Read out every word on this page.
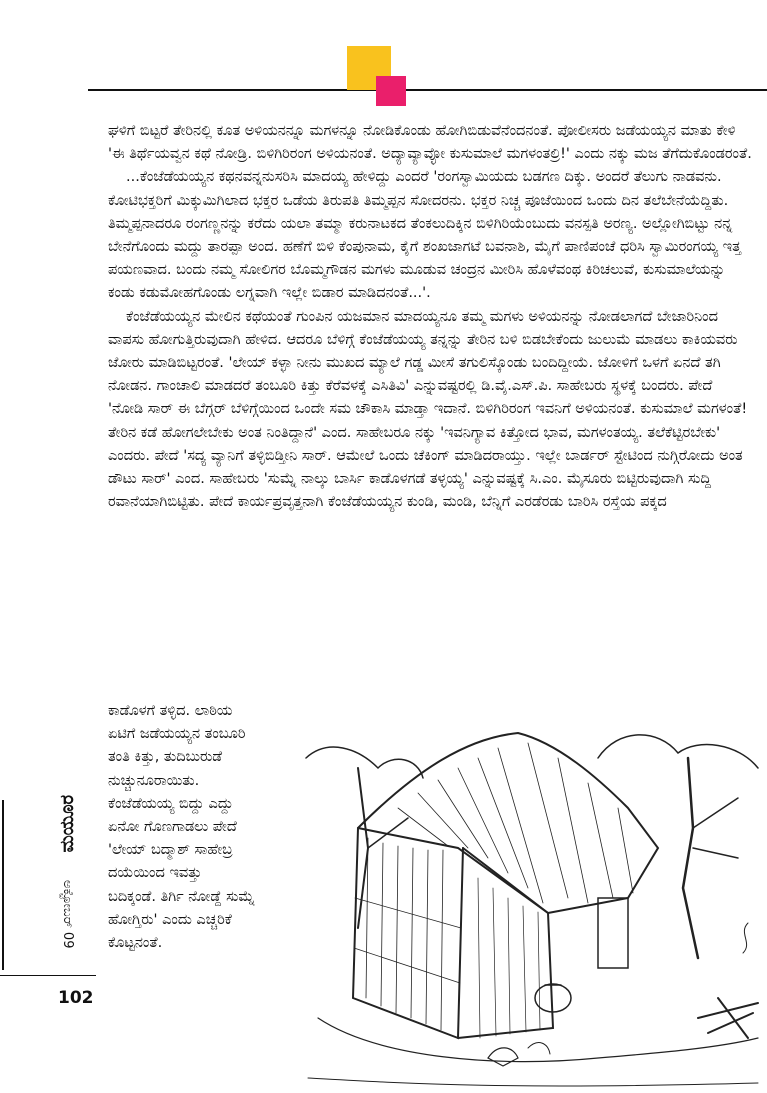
ಘಳಿಗೆ ಬಿಟ್ಟರೆ ತೇರಿನಲ್ಲಿ ಕೂತ ಅಳಿಯನನ್ನೂ ಮಗಳನ್ನೂ ನೋಡಿಕೊಂಡು ಹೋಗಿಬಿಡುವೆನೆಂದನಂತೆ. ಪೋಲೀಸರು ಜಡೆಯಯ್ಯನ ಮಾತು ಕೇಳಿ 'ಈ ತಿರ್ಥೆಯವ್ವನ ಕಥೆ ನೋಡ್ರಿ. ಬಿಳಿಗಿರಿರಂಗ ಅಳಿಯನಂತೆ. ಅದ್ಯಾವ್ಯಾವ್ಳೋ ಕುಸುಮಾಲೆ ಮಗಳಂತಲ್ರಿ!' ಎಂದು ನಕ್ಕು ಮಜ ತೆಗೆದುಕೊಂಡರಂತೆ.

...ಕೆಂಜೆಡೆಯಯ್ಯನ ಕಥನವನ್ನನುಸರಿಸಿ ಮಾದಯ್ಯ ಹೇಳಿದ್ದು ಎಂದರೆ 'ರಂಗಸ್ವಾಮಿಯದು ಬಡಗಣ ದಿಕ್ಕು. ಅಂದರೆ ತೆಲುಗು ನಾಡವನು. ಕೋಟಿಭಕ್ತರಿಗೆ ಮಿಕ್ಕುಮಿಗಿಲಾದ ಭಕ್ತರ ಒಡೆಯ ತಿರುಪತಿ ತಿಮ್ಮಪ್ಪನ ಸೋದರನು. ಭಕ್ತರ ನಿಚ್ಚ ಪೂಜೆಯಿಂದ ಒಂದು ದಿನ ತಲೆಬೇನೆಯೆದ್ದಿತು. ತಿಮ್ಮಪ್ಪನಾದರೂ ರಂಗಣ್ಣನನ್ನು ಕರೆದು ಯಲಾ ತಮ್ಮಾ ಕರುನಾಟಕದ ತೆಂಕಲುದಿಕ್ಕಿನ ಬಿಳಿಗಿರಿಯೆಂಬುದು ವನಸ್ಪತಿ ಅರಣ್ಯ. ಅಲ್ಲೋಗಿಬಿಟ್ಟು ನನ್ನ ಬೇನೆಗೊಂದು ಮದ್ದು ತಾರಪ್ಪಾ ಅಂದ. ಹಣೆಗೆ ಬಿಳಿ ಕೆಂಪುನಾಮ, ಕೈಗೆ ಶಂಖಜಾಗಟೆ ಬವನಾಶಿ, ಮೈಗೆ ಪಾಣಿಪಂಚೆ ಧರಿಸಿ ಸ್ವಾಮಿರಂಗಯ್ಯ ಇತ್ತ ಪಯಣವಾದ. ಬಂದು ನಮ್ಮ ಸೋಲಿಗರ ಬೊಮ್ಮಗೌಡನ ಮಗಳು ಮೂಡುವ ಚಂದ್ರನ ಮೀರಿಸಿ ಹೊಳೆವಂಥ ಕಿರಿಚಲುವೆ, ಕುಸುಮಾಲೆಯನ್ನು ಕಂಡು ಕಡುಮೋಹಗೊಂಡು ಲಗ್ನವಾಗಿ ಇಲ್ಲೇ ಬಿಡಾರ ಮಾಡಿದನಂತೆ...'.

ಕೆಂಜೆಡೆಯಯ್ಯನ ಮೇಲಿನ ಕಥೆಯಂತೆ ಗುಂಪಿನ ಯಜಮಾನ ಮಾದಯ್ಯನೂ ತಮ್ಮ ಮಗಳು ಅಳಿಯನನ್ನು ನೋಡಲಾಗದೆ ಬೇಜಾರಿನಿಂದ ವಾಪಸು ಹೋಗುತ್ತಿರುವುದಾಗಿ ಹೇಳಿದ. ಆದರೂ ಬೆಳಿಗ್ಗೆ ಕೆಂಜೆಡೆಯಯ್ಯ ತನ್ನನ್ನು ತೇರಿನ ಬಳಿ ಬಿಡಬೇಕೆಂದು ಜುಲುಮೆ ಮಾಡಲು ಕಾಕಿಯವರು ಜೋರು ಮಾಡಿಬಿಟ್ಟರಂತೆ. 'ಲೇಯ್ ಕಳ್ಳಾ ನೀನು ಮುಖದ ಮ್ಯಾಲೆ ಗಡ್ಡ ಮೀಸೆ ತಗುಲಿಸ್ಕೊಂಡು ಬಂದಿದ್ದೀಯೆ. ಜೋಳಿಗೆ ಒಳಗೆ ಏನದೆ ತಗಿ ನೋಡನ. ಗಾಂಚಾಲಿ ಮಾಡದರೆ ತಂಬೂರಿ ಕಿತ್ತು ಕೆರೆವಳಕ್ಕೆ ಎಸಿತಿವಿ' ಎನ್ನುವಷ್ಟರಲ್ಲಿ ಡಿ.ವೈ.ಎಸ್.ಪಿ. ಸಾಹೇಬರು ಸ್ಥಳಕ್ಕೆ ಬಂದರು. ಪೇದೆ 'ನೋಡಿ ಸಾರ್ ಈ ಬೆಗ್ಗರ್ ಬೆಳಿಗ್ಗೆಯಿಂದ ಒಂದೇ ಸಮ ಚೌಕಾಸಿ ಮಾಡ್ತಾ ಇದಾನೆ. ಬಿಳಿಗಿರಿರಂಗ ಇವನಿಗೆ ಅಳಿಯನಂತೆ. ಕುಸುಮಾಲೆ ಮಗಳಂತೆ! ತೇರಿನ ಕಡೆ ಹೋಗಲೇಬೇಕು ಅಂತ ನಿಂತಿದ್ದಾನೆ' ಎಂದ. ಸಾಹೇಬರೂ ನಕ್ಕು 'ಇವನಿಗ್ಯಾವ ಕಿತ್ತೋದ ಭಾವ, ಮಗಳಂತಯ್ಯ. ತಲೆಕೆಟ್ಟಿರಬೇಕು' ಎಂದರು. ಪೇದೆ 'ಸದ್ಯ ವ್ಯಾನಿಗೆ ತಳ್ಳಿಬಿಡ್ತೀನಿ ಸಾರ್. ಆಮೇಲೆ ಒಂದು ಚೆಕಿಂಗ್ ಮಾಡಿದರಾಯ್ತು. ಇಲ್ಲೇ ಬಾರ್ಡರ್ ಸ್ಟೇಟಿಂದ ನುಗ್ಗಿರೋದು ಅಂತ ಡೌಟು ಸಾರ್' ಎಂದ. ಸಾಹೇಬರು 'ಸುಮ್ನೆ ನಾಲ್ಕು ಬಾರ್ಸಿ ಕಾಡೊಳಗಡೆ ತಳ್ಳಯ್ಯ' ಎನ್ನುವಷ್ಟಕ್ಕೆ ಸಿ.ಎಂ. ಮೈಸೂರು ಬಿಟ್ಟಿರುವುದಾಗಿ ಸುದ್ದಿ ರವಾನೆಯಾಗಿಬಿಟ್ಟಿತು. ಪೇದೆ ಕಾರ್ಯಪ್ರವೃತ್ತನಾಗಿ ಕೆಂಜೆಡೆಯಯ್ಯನ ಕುಂಡಿ, ಮಂಡಿ, ಬೆನ್ನಿಗೆ ಎರಡೆರಡು ಬಾರಿಸಿ ರಸ್ತೆಯ ಪಕ್ಕದ

ಕಾಡೊಳಗೆ ತಳ್ಳಿದ. ಲಾಠಿಯ
ಏಟಿಗೆ ಜಡೆಯಯ್ಯನ ತಂಬೂರಿ
ತಂತಿ ಕಿತ್ತು, ತುದಿಬುರುಡೆ
ನುಚ್ಚುನೂರಾಯಿತು.
ಕೆಂಜೆಡೆಯಯ್ಯ ಬಿದ್ದು ಎದ್ದು
ಏನೋ ಗೊಣಗಾಡಲು ಪೇದೆ
'ಲೇಯ್ ಬದ್ಮಾಶ್ ಸಾಹೇಬ್ರ
ದಯೆಯಿಂದ ಇವತ್ತು
ಬದಿಕ್ಕಂಡೆ. ತಿರ್ಗಿ ನೋಡ್ದೆ ಸುಮ್ನೆ
ಹೋಗ್ತಿರು' ಎಂದು ಎಚ್ಚರಿಕೆ
ಕೊಟ್ಟನಂತೆ.
ಮಯೂರ
ಅಕ್ಟೋಬರ್ 09
102
